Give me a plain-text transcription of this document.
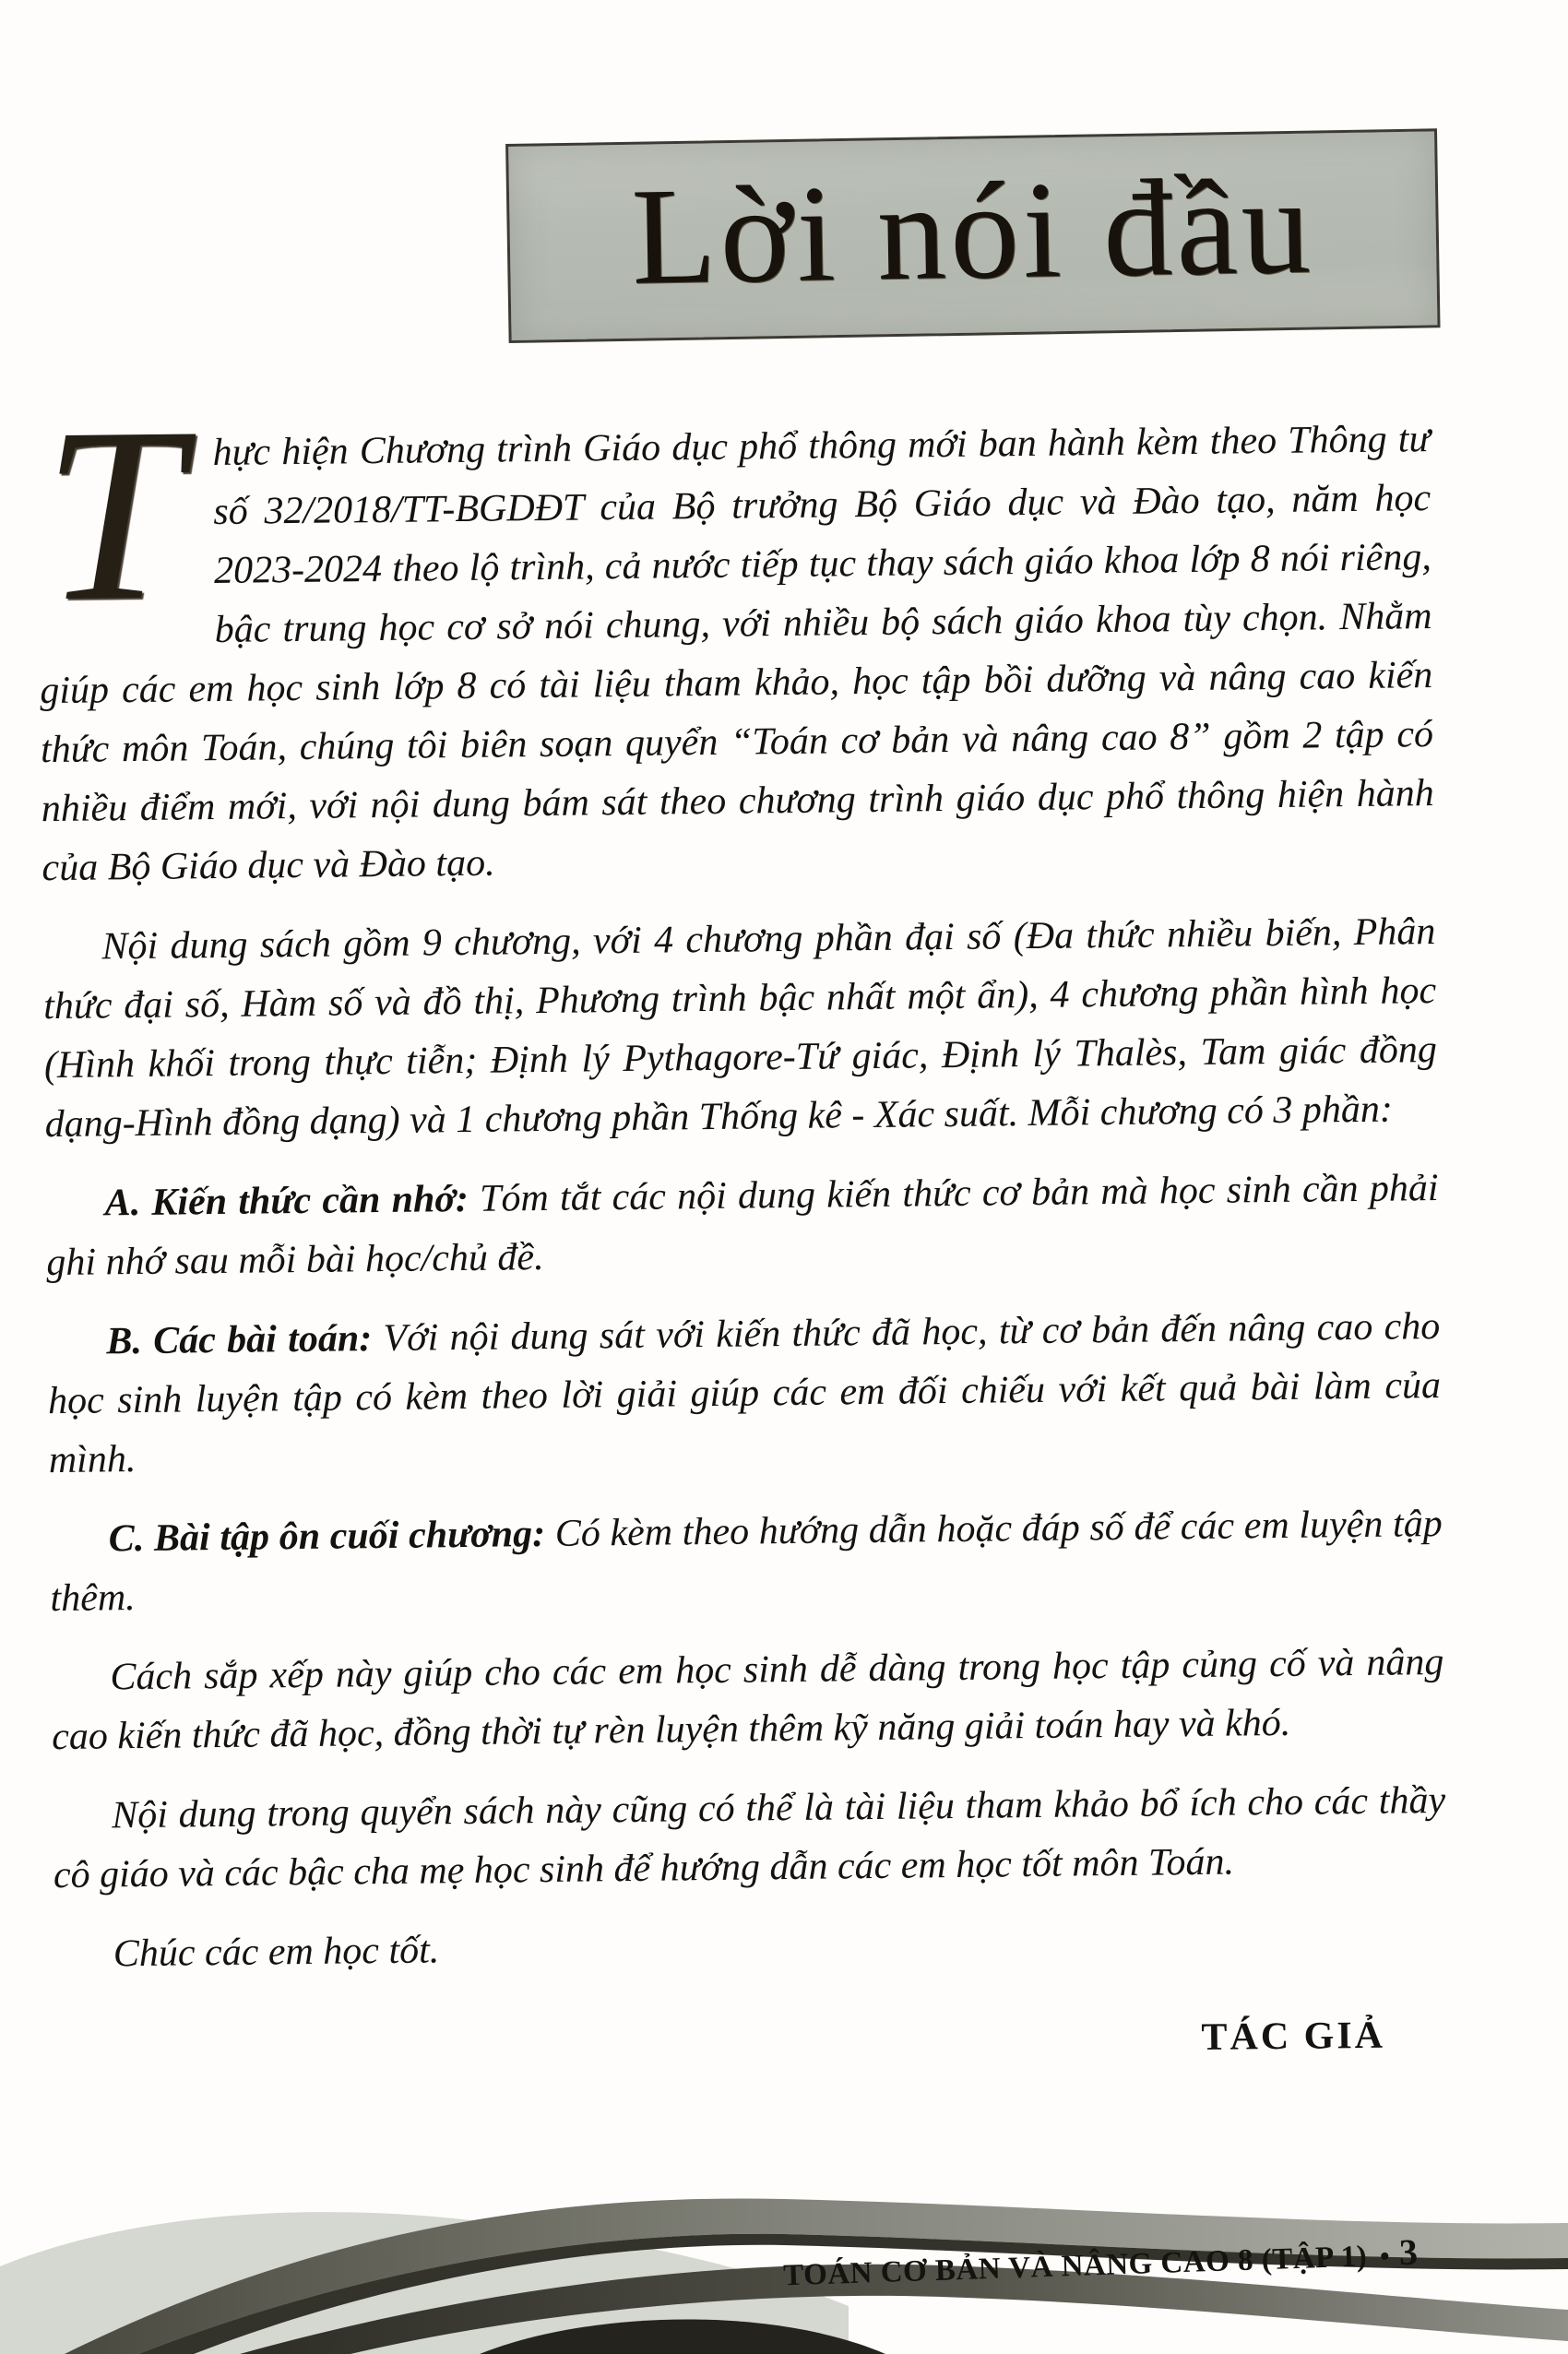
Lời nói đầu

Thực hiện Chương trình Giáo dục phổ thông mới ban hành kèm theo Thông tư số 32/2018/TT-BGDĐT của Bộ trưởng Bộ Giáo dục và Đào tạo, năm học 2023-2024 theo lộ trình, cả nước tiếp tục thay sách giáo khoa lớp 8 nói riêng, bậc trung học cơ sở nói chung, với nhiều bộ sách giáo khoa tùy chọn. Nhằm giúp các em học sinh lớp 8 có tài liệu tham khảo, học tập bồi dưỡng và nâng cao kiến thức môn Toán, chúng tôi biên soạn quyển “Toán cơ bản và nâng cao 8” gồm 2 tập có nhiều điểm mới, với nội dung bám sát theo chương trình giáo dục phổ thông hiện hành của Bộ Giáo dục và Đào tạo.

Nội dung sách gồm 9 chương, với 4 chương phần đại số (Đa thức nhiều biến, Phân thức đại số, Hàm số và đồ thị, Phương trình bậc nhất một ẩn), 4 chương phần hình học (Hình khối trong thực tiễn; Định lý Pythagore-Tứ giác, Định lý Thalès, Tam giác đồng dạng-Hình đồng dạng) và 1 chương phần Thống kê - Xác suất. Mỗi chương có 3 phần:

A. Kiến thức cần nhớ: Tóm tắt các nội dung kiến thức cơ bản mà học sinh cần phải ghi nhớ sau mỗi bài học/chủ đề.

B. Các bài toán: Với nội dung sát với kiến thức đã học, từ cơ bản đến nâng cao cho học sinh luyện tập có kèm theo lời giải giúp các em đối chiếu với kết quả bài làm của mình.

C. Bài tập ôn cuối chương: Có kèm theo hướng dẫn hoặc đáp số để các em luyện tập thêm.

Cách sắp xếp này giúp cho các em học sinh dễ dàng trong học tập củng cố và nâng cao kiến thức đã học, đồng thời tự rèn luyện thêm kỹ năng giải toán hay và khó.

Nội dung trong quyển sách này cũng có thể là tài liệu tham khảo bổ ích cho các thầy cô giáo và các bậc cha mẹ học sinh để hướng dẫn các em học tốt môn Toán.

Chúc các em học tốt.

TÁC GIẢ
TOÁN CƠ BẢN VÀ NÂNG CAO 8 (TẬP 1) • 3
